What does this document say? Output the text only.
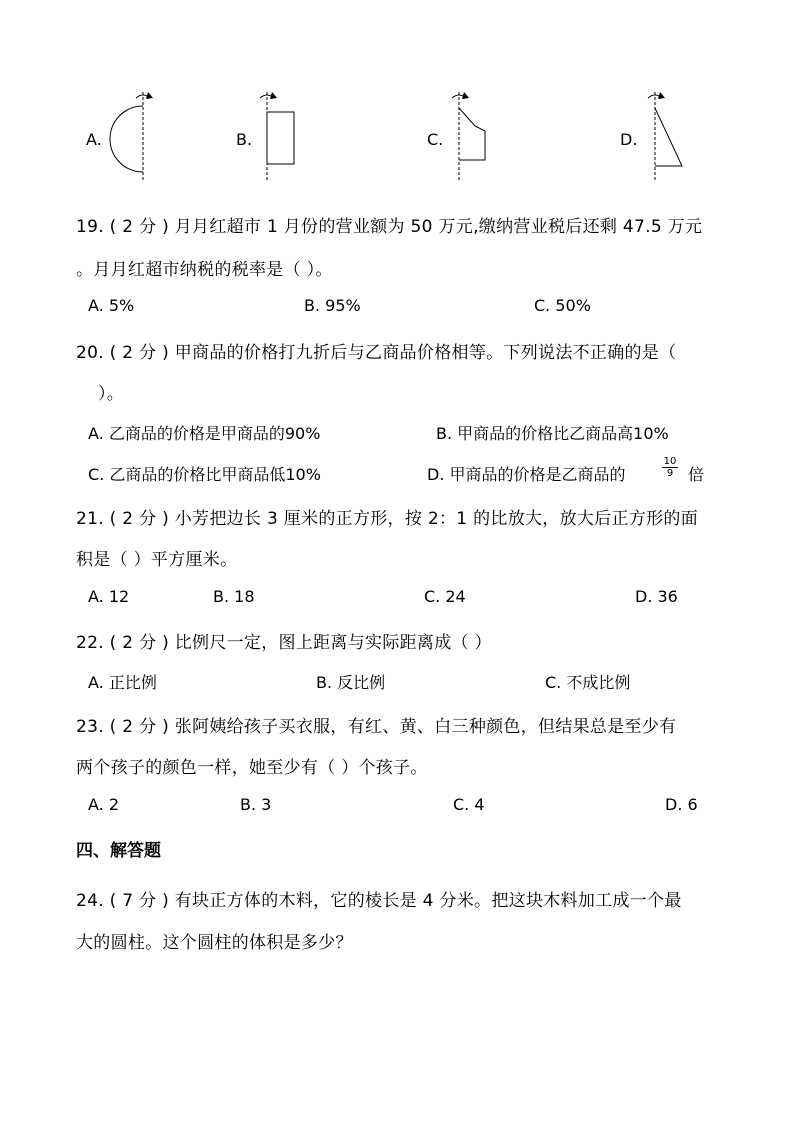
A.	B.	C.	D.
19. ( 2 分 ) 月月红超市 1 月份的营业额为 50 万元,缴纳营业税后还剩 47.5 万元
。月月红超市纳税的税率是（ ）。
A. 5%	B. 95%	C. 50%
20. ( 2 分 ) 甲商品的价格打九折后与乙商品价格相等。下列说法不正确的是（
）。
A. 乙商品的价格是甲商品的90%	B. 甲商品的价格比乙商品高10%
C. 乙商品的价格比甲商品低10%	D. 甲商品的价格是乙商品的	$\frac{10}{9}$ 倍
21. ( 2 分 ) 小芳把边长 3 厘米的正方形，按 2：1 的比放大，放大后正方形的面
积是（ ）平方厘米。
A. 12	B. 18	C. 24	D. 36
22. ( 2 分 ) 比例尺一定，图上距离与实际距离成（ ）
A. 正比例	B. 反比例	C. 不成比例
23. ( 2 分 ) 张阿姨给孩子买衣服，有红、黄、白三种颜色，但结果总是至少有
两个孩子的颜色一样，她至少有（ ）个孩子。
A. 2	B. 3	C. 4	D. 6
四、解答题
24. ( 7 分 ) 有块正方体的木料，它的棱长是 4 分米。把这块木料加工成一个最
大的圆柱。这个圆柱的体积是多少？
